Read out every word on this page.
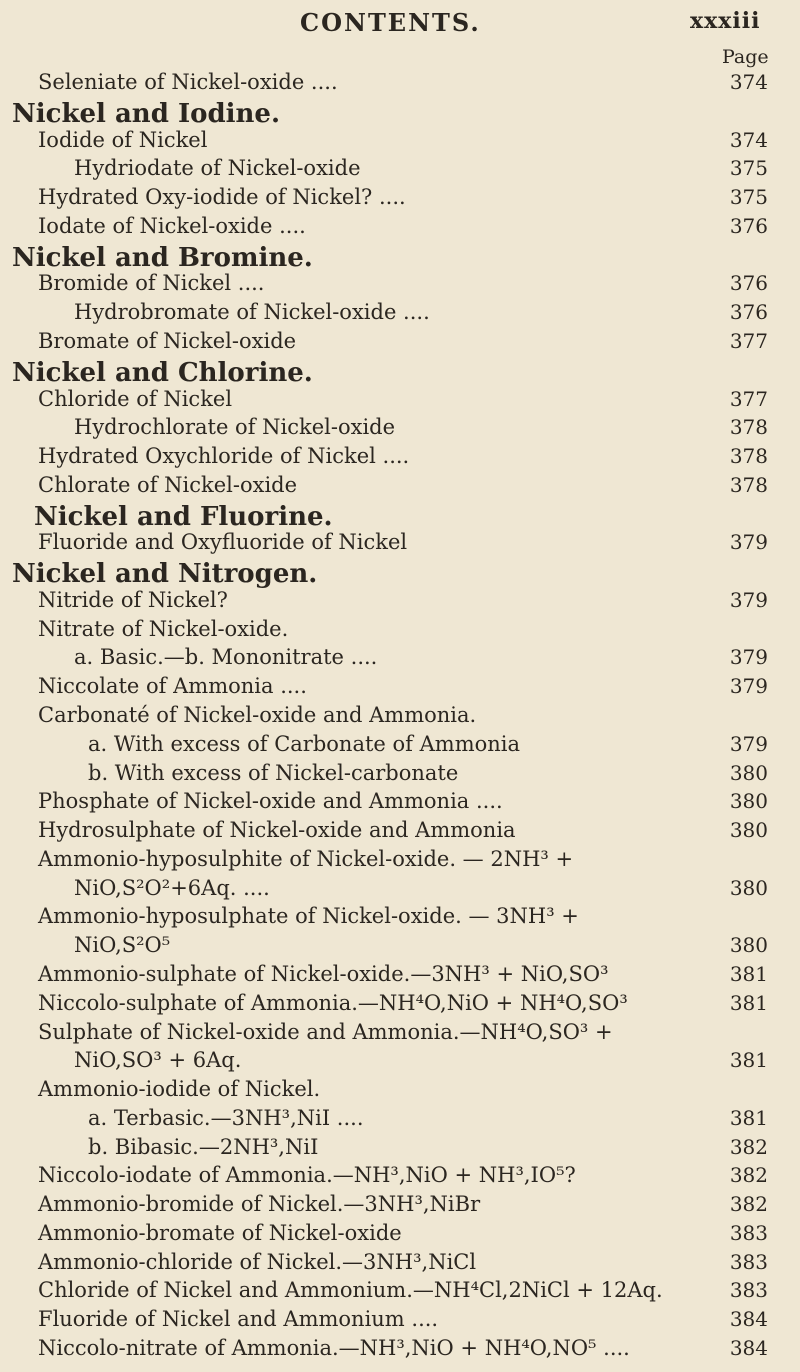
CONTENTS.	xxxiii
Page
Seleniate of Nickel-oxide ....	374
Nickel and Iodine.
Iodide of Nickel	374
Hydriodate of Nickel-oxide	375
Hydrated Oxy-iodide of Nickel? ....	375
Iodate of Nickel-oxide ....	376
Nickel and Bromine.
Bromide of Nickel ....	376
Hydrobromate of Nickel-oxide ....	376
Bromate of Nickel-oxide	377
Nickel and Chlorine.
Chloride of Nickel	377
Hydrochlorate of Nickel-oxide	378
Hydrated Oxychloride of Nickel ....	378
Chlorate of Nickel-oxide	378
Nickel and Fluorine.
Fluoride and Oxyfluoride of Nickel	379
Nickel and Nitrogen.
Nitride of Nickel?	379
Nitrate of Nickel-oxide.
a. Basic.—b. Mononitrate ....	379
Niccolate of Ammonia ....	379
Carbonaté of Nickel-oxide and Ammonia.
a. With excess of Carbonate of Ammonia	379
b. With excess of Nickel-carbonate	380
Phosphate of Nickel-oxide and Ammonia ....	380
Hydrosulphate of Nickel-oxide and Ammonia	380
Ammonio-hyposulphite of Nickel-oxide. — 2NH³ +
NiO,S²O²+6Aq. ....	380
Ammonio-hyposulphate of Nickel-oxide. — 3NH³ +
NiO,S²O⁵	380
Ammonio-sulphate of Nickel-oxide.—3NH³ + NiO,SO³	381
Niccolo-sulphate of Ammonia.—NH⁴O,NiO + NH⁴O,SO³	381
Sulphate of Nickel-oxide and Ammonia.—NH⁴O,SO³ +
NiO,SO³ + 6Aq.	381
Ammonio-iodide of Nickel.
a. Terbasic.—3NH³,NiI ....	381
b. Bibasic.—2NH³,NiI	382
Niccolo-iodate of Ammonia.—NH³,NiO + NH³,IO⁵?	382
Ammonio-bromide of Nickel.—3NH³,NiBr	382
Ammonio-bromate of Nickel-oxide	383
Ammonio-chloride of Nickel.—3NH³,NiCl	383
Chloride of Nickel and Ammonium.—NH⁴Cl,2NiCl + 12Aq.	383
Fluoride of Nickel and Ammonium ....	384
Niccolo-nitrate of Ammonia.—NH³,NiO + NH⁴O,NO⁵ ....	384
